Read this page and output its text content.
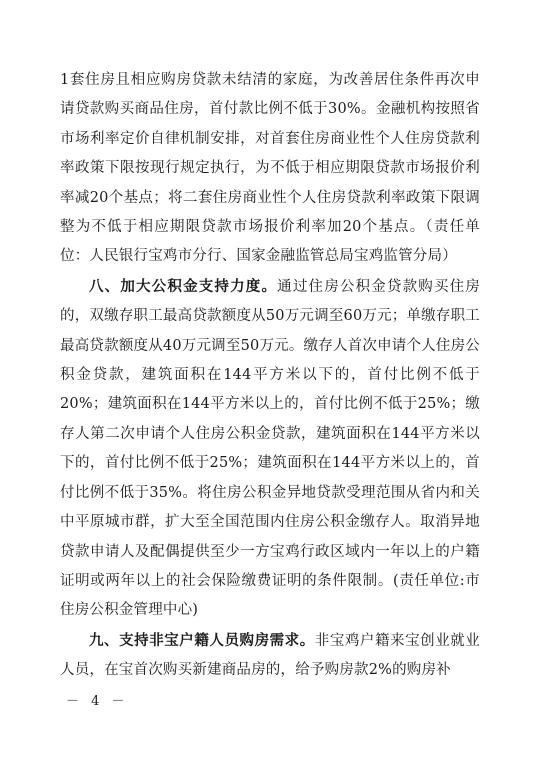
1套住房且相应购房贷款未结清的家庭，为改善居住条件再次申请贷款购买商品住房，首付款比例不低于30%。金融机构按照省市场利率定价自律机制安排，对首套住房商业性个人住房贷款利率政策下限按现行规定执行，为不低于相应期限贷款市场报价利率减20个基点；将二套住房商业性个人住房贷款利率政策下限调整为不低于相应期限贷款市场报价利率加20个基点。（责任单位：人民银行宝鸡市分行、国家金融监管总局宝鸡监管分局）

八、加大公积金支持力度。通过住房公积金贷款购买住房的，双缴存职工最高贷款额度从50万元调至60万元；单缴存职工最高贷款额度从40万元调至50万元。缴存人首次申请个人住房公积金贷款，建筑面积在144平方米以下的，首付比例不低于20%；建筑面积在144平方米以上的，首付比例不低于25%；缴存人第二次申请个人住房公积金贷款，建筑面积在144平方米以下的，首付比例不低于25%；建筑面积在144平方米以上的，首付比例不低于35%。将住房公积金异地贷款受理范围从省内和关中平原城市群，扩大至全国范围内住房公积金缴存人。取消异地贷款申请人及配偶提供至少一方宝鸡行政区域内一年以上的户籍证明或两年以上的社会保险缴费证明的条件限制。(责任单位:市住房公积金管理中心)

九、支持非宝户籍人员购房需求。非宝鸡户籍来宝创业就业人员，在宝首次购买新建商品房的，给予购房款2%的购房补

－ 4 －
